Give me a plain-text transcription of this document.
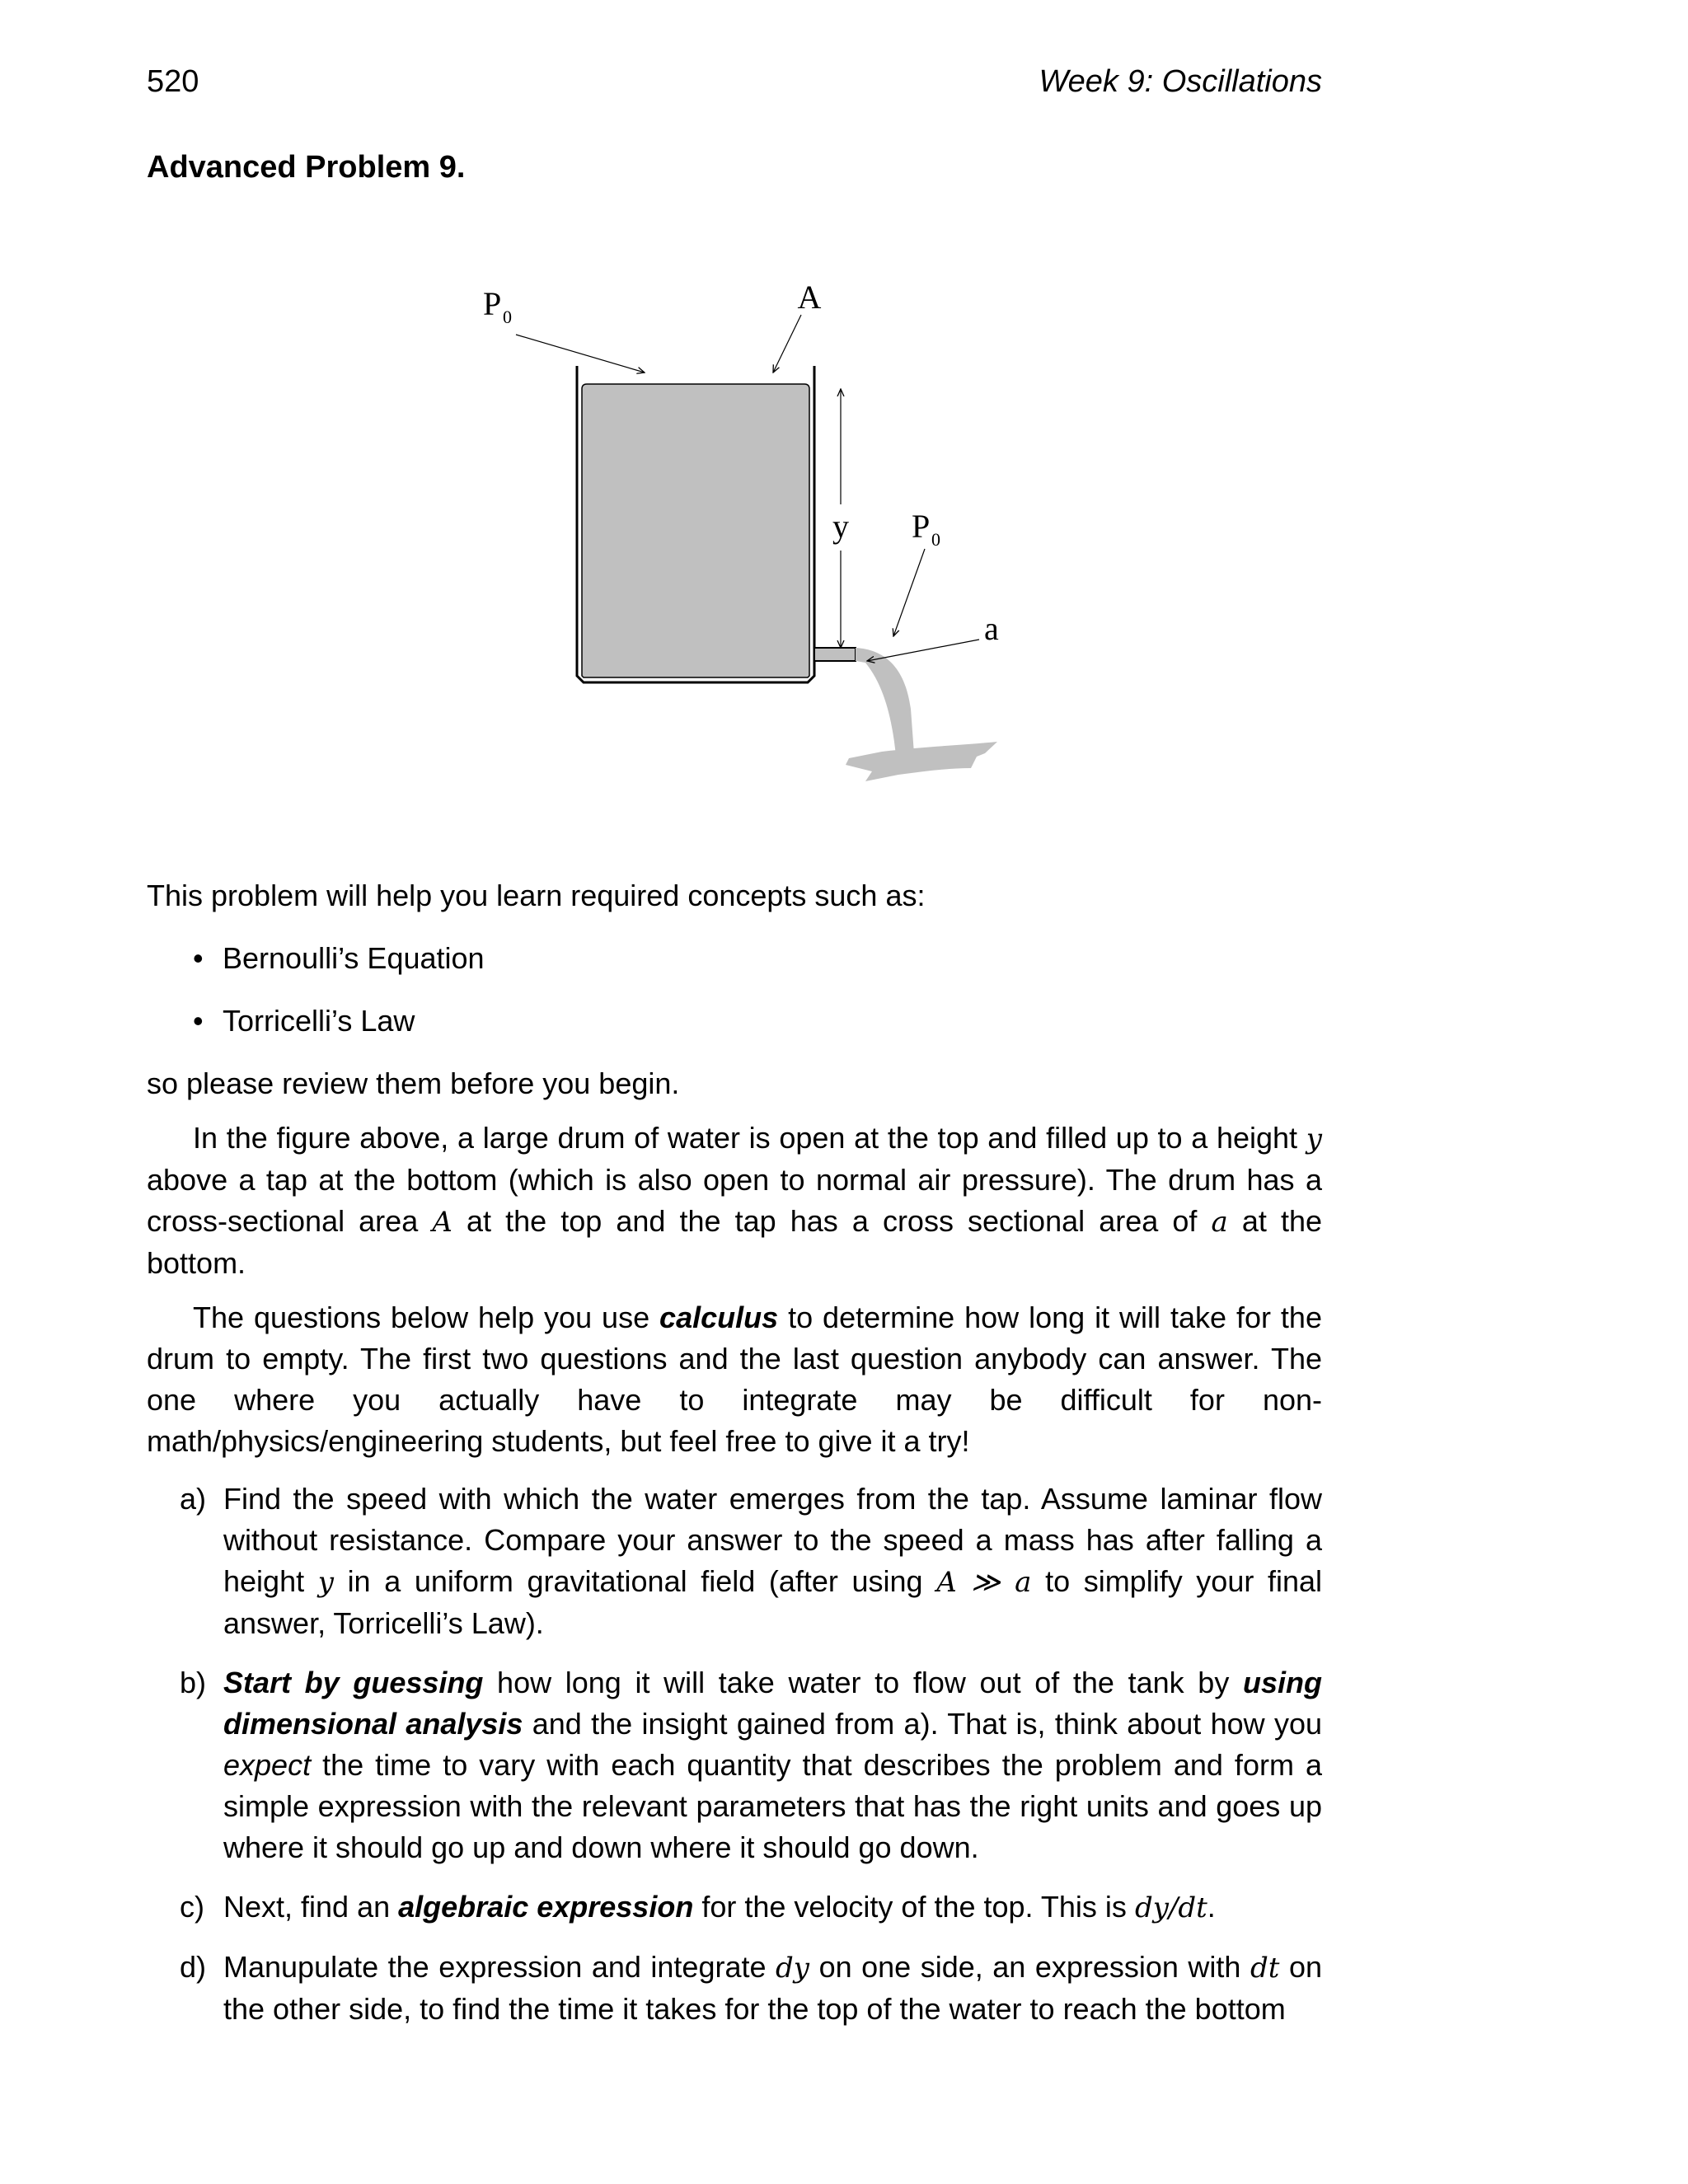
520	Week 9: Oscillations
Advanced Problem 9.
y
P 0
A
P 0
a

This problem will help you learn required concepts such as:

• Bernoulli’s Equation
• Torricelli’s Law

so please review them before you begin.

In the figure above, a large drum of water is open at the top and filled up to a height y above a tap at the bottom (which is also open to normal air pressure). The drum has a cross-sectional area A at the top and the tap has a cross sectional area of a at the bottom.

The questions below help you use calculus to determine how long it will take for the drum to empty. The first two questions and the last question anybody can answer. The one where you actually have to integrate may be difficult for non-math/physics/engineering students, but feel free to give it a try!

a) Find the speed with which the water emerges from the tap. Assume laminar flow without resistance. Compare your answer to the speed a mass has after falling a height y in a uniform gravitational field (after using A ≫ a to simplify your final answer, Torricelli’s Law).
b) Start by guessing how long it will take water to flow out of the tank by using dimensional analysis and the insight gained from a). That is, think about how you expect the time to vary with each quantity that describes the problem and form a simple expression with the relevant parameters that has the right units and goes up where it should go up and down where it should go down.
c) Next, find an algebraic expression for the velocity of the top. This is dy/dt.
d) Manupulate the expression and integrate dy on one side, an expression with dt on the other side, to find the time it takes for the top of the water to reach the bottom
